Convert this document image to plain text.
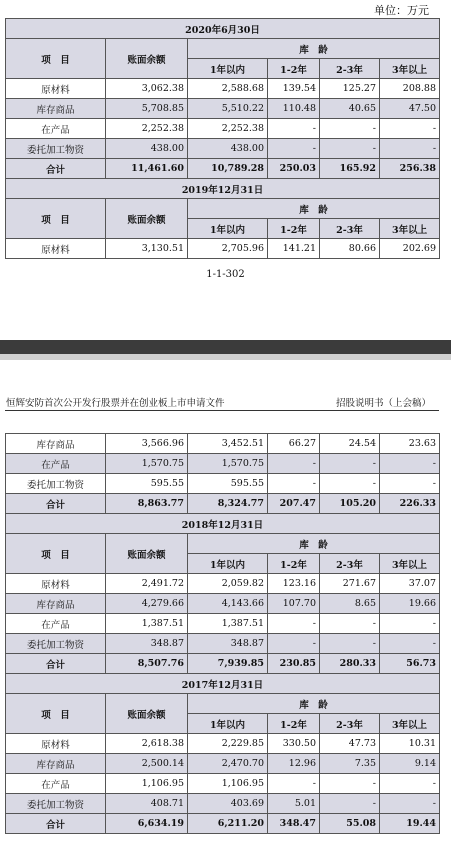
单位：万元
2020年6月30日					
项　目	账面余额	库　龄			
		1年以内	1-2年	2-3年	3年以上
原材料	3,062.38	2,588.68	139.54	125.27	208.88
库存商品	5,708.85	5,510.22	110.48	40.65	47.50
在产品	2,252.38	2,252.38	-	-	-
委托加工物资	438.00	438.00	-	-	-
合计	11,461.60	10,789.28	250.03	165.92	256.38
2019年12月31日					
项　目	账面余额	库　龄			
		1年以内	1-2年	2-3年	3年以上
原材料	3,130.51	2,705.96	141.21	80.66	202.69
1-1-302
恒辉安防首次公开发行股票并在创业板上市申请文件	招股说明书（上会稿）
库存商品	3,566.96	3,452.51	66.27	24.54	23.63
在产品	1,570.75	1,570.75	-	-	-
委托加工物资	595.55	595.55	-	-	-
合计	8,863.77	8,324.77	207.47	105.20	226.33
2018年12月31日					
项　目	账面余额	库　龄			
		1年以内	1-2年	2-3年	3年以上
原材料	2,491.72	2,059.82	123.16	271.67	37.07
库存商品	4,279.66	4,143.66	107.70	8.65	19.66
在产品	1,387.51	1,387.51	-	-	-
委托加工物资	348.87	348.87	-	-	-
合计	8,507.76	7,939.85	230.85	280.33	56.73
2017年12月31日					
项　目	账面余额	库　龄			
		1年以内	1-2年	2-3年	3年以上
原材料	2,618.38	2,229.85	330.50	47.73	10.31
库存商品	2,500.14	2,470.70	12.96	7.35	9.14
在产品	1,106.95	1,106.95	-	-	-
委托加工物资	408.71	403.69	5.01	-	-
合计	6,634.19	6,211.20	348.47	55.08	19.44
